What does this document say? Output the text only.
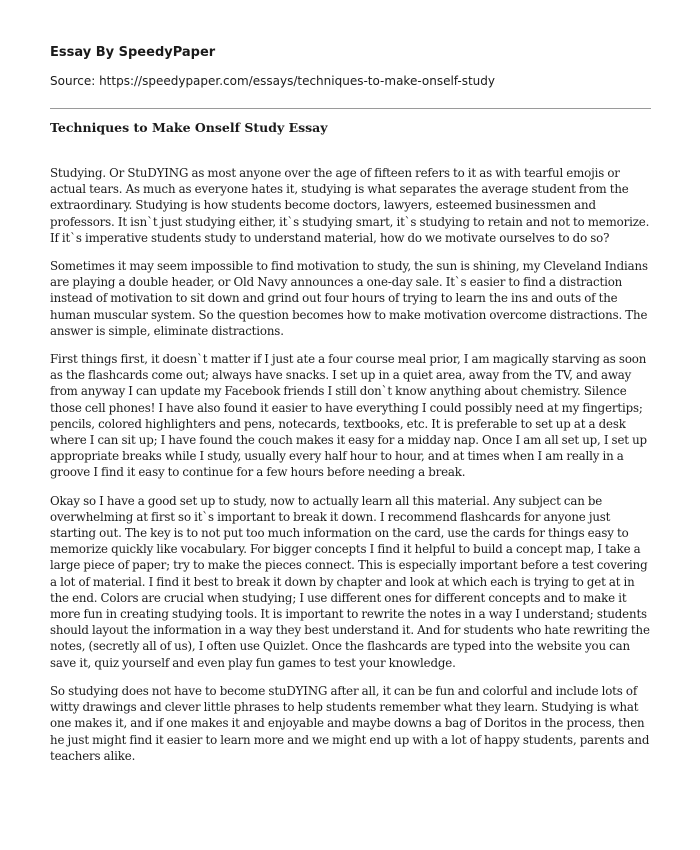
Essay By SpeedyPaper
Source: https://speedypaper.com/essays/techniques-to-make-onself-study
Techniques to Make Onself Study Essay

Studying. Or StuDYING as most anyone over the age of fifteen refers to it as with tearful emojis or actual tears. As much as everyone hates it, studying is what separates the average student from the extraordinary. Studying is how students become doctors, lawyers, esteemed businessmen and professors. It isn`t just studying either, it`s studying smart, it`s studying to retain and not to memorize. If it`s imperative students study to understand material, how do we motivate ourselves to do so?

Sometimes it may seem impossible to find motivation to study, the sun is shining, my Cleveland Indians are playing a double header, or Old Navy announces a one-day sale. It`s easier to find a distraction instead of motivation to sit down and grind out four hours of trying to learn the ins and outs of the human muscular system. So the question becomes how to make motivation overcome distractions. The answer is simple, eliminate distractions.

First things first, it doesn`t matter if I just ate a four course meal prior, I am magically starving as soon as the flashcards come out; always have snacks. I set up in a quiet area, away from the TV, and away from anyway I can update my Facebook friends I still don`t know anything about chemistry. Silence those cell phones! I have also found it easier to have everything I could possibly need at my fingertips; pencils, colored highlighters and pens, notecards, textbooks, etc. It is preferable to set up at a desk where I can sit up; I have found the couch makes it easy for a midday nap. Once I am all set up, I set up appropriate breaks while I study, usually every half hour to hour, and at times when I am really in a groove I find it easy to continue for a few hours before needing a break.

Okay so I have a good set up to study, now to actually learn all this material. Any subject can be overwhelming at first so it`s important to break it down. I recommend flashcards for anyone just starting out. The key is to not put too much information on the card, use the cards for things easy to memorize quickly like vocabulary. For bigger concepts I find it helpful to build a concept map, I take a large piece of paper; try to make the pieces connect. This is especially important before a test covering a lot of material. I find it best to break it down by chapter and look at which each is trying to get at in the end. Colors are crucial when studying; I use different ones for different concepts and to make it more fun in creating studying tools. It is important to rewrite the notes in a way I understand; students should layout the information in a way they best understand it. And for students who hate rewriting the notes, (secretly all of us), I often use Quizlet. Once the flashcards are typed into the website you can save it, quiz yourself and even play fun games to test your knowledge.

So studying does not have to become stuDYING after all, it can be fun and colorful and include lots of witty drawings and clever little phrases to help students remember what they learn. Studying is what one makes it, and if one makes it and enjoyable and maybe downs a bag of Doritos in the process, then he just might find it easier to learn more and we might end up with a lot of happy students, parents and teachers alike.
